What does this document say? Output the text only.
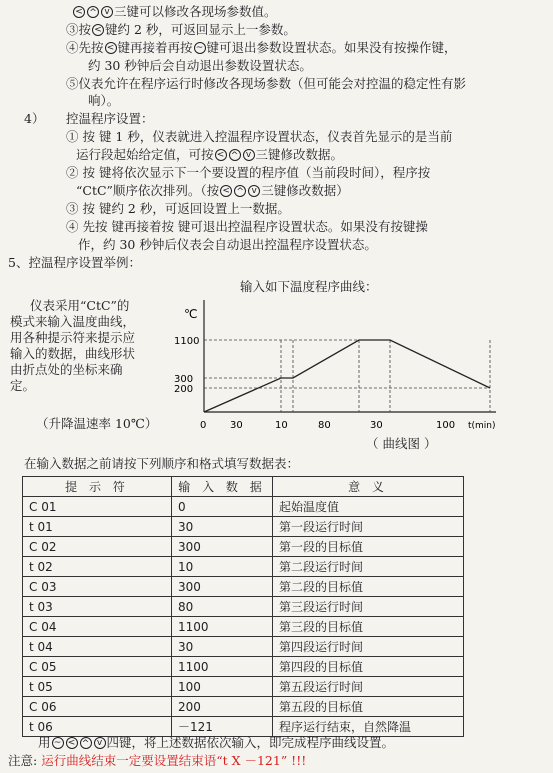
<^v三键可以修改各现场参数值。
③按 < 键约 2 秒，可返回显示上一参数。
④先按 < 键再接着再按 ~ 键可退出参数设置状态。如果没有按操作键，
约 30 秒钟后会自动退出参数设置状态。
⑤仪表允许在程序运行时修改各现场参数（但可能会对控温的稳定性有影
响）。
4） 控温程序设置：
① 按 键 1 秒，仪表就进入控温程序设置状态，仪表首先显示的是当前
运行段起始给定值，可按 < ^ v	三键修改数据。
② 按 键将依次显示下一个要设置的程序值（当前段时间），程序按
“CtC”顺序依次排列。（按 < ^ v	三键修改数据）
③ 按 键约 2 秒，可返回设置上一数据。
④ 先按 键再接着按 键可退出控温程序设置状态。如果没有按键操
作，约 30 秒钟后仪表会自动退出控温程序设置状态。
5、控温程序设置举例：
输入如下温度程序曲线：
仪表采用“CtC”的
模式来输入温度曲线，
用各种提示符来提示应
输入的数据，曲线形状
由折点处的坐标来确
定。
（升降温速率 10℃）
（ 曲线图 ）
℃
1100
300
200
0 30	10	80	30	100 t(min)
在输入数据之前请按下列顺序和格式填写数据表：
提 示 符	输 入 数 据	意 义
C 01	0	起始温度值
t 01	30	第一段运行时间
C 02	300	第一段的目标值
t 02	10	第二段运行时间
C 03	300	第二段的目标值
t 03	80	第三段运行时间
C 04	1100	第三段的目标值
t 04	30	第四段运行时间
C 05	1100	第四段的目标值
t 05	100	第五段运行时间
C 06	200	第五段的目标值
t 06	－121	程序运行结束，自然降温
用 ~ < ^ v	四键，将上述数据依次输入，即完成程序曲线设置。
注意: 运行曲线结束一定要设置结束语“t X －121” !!!
